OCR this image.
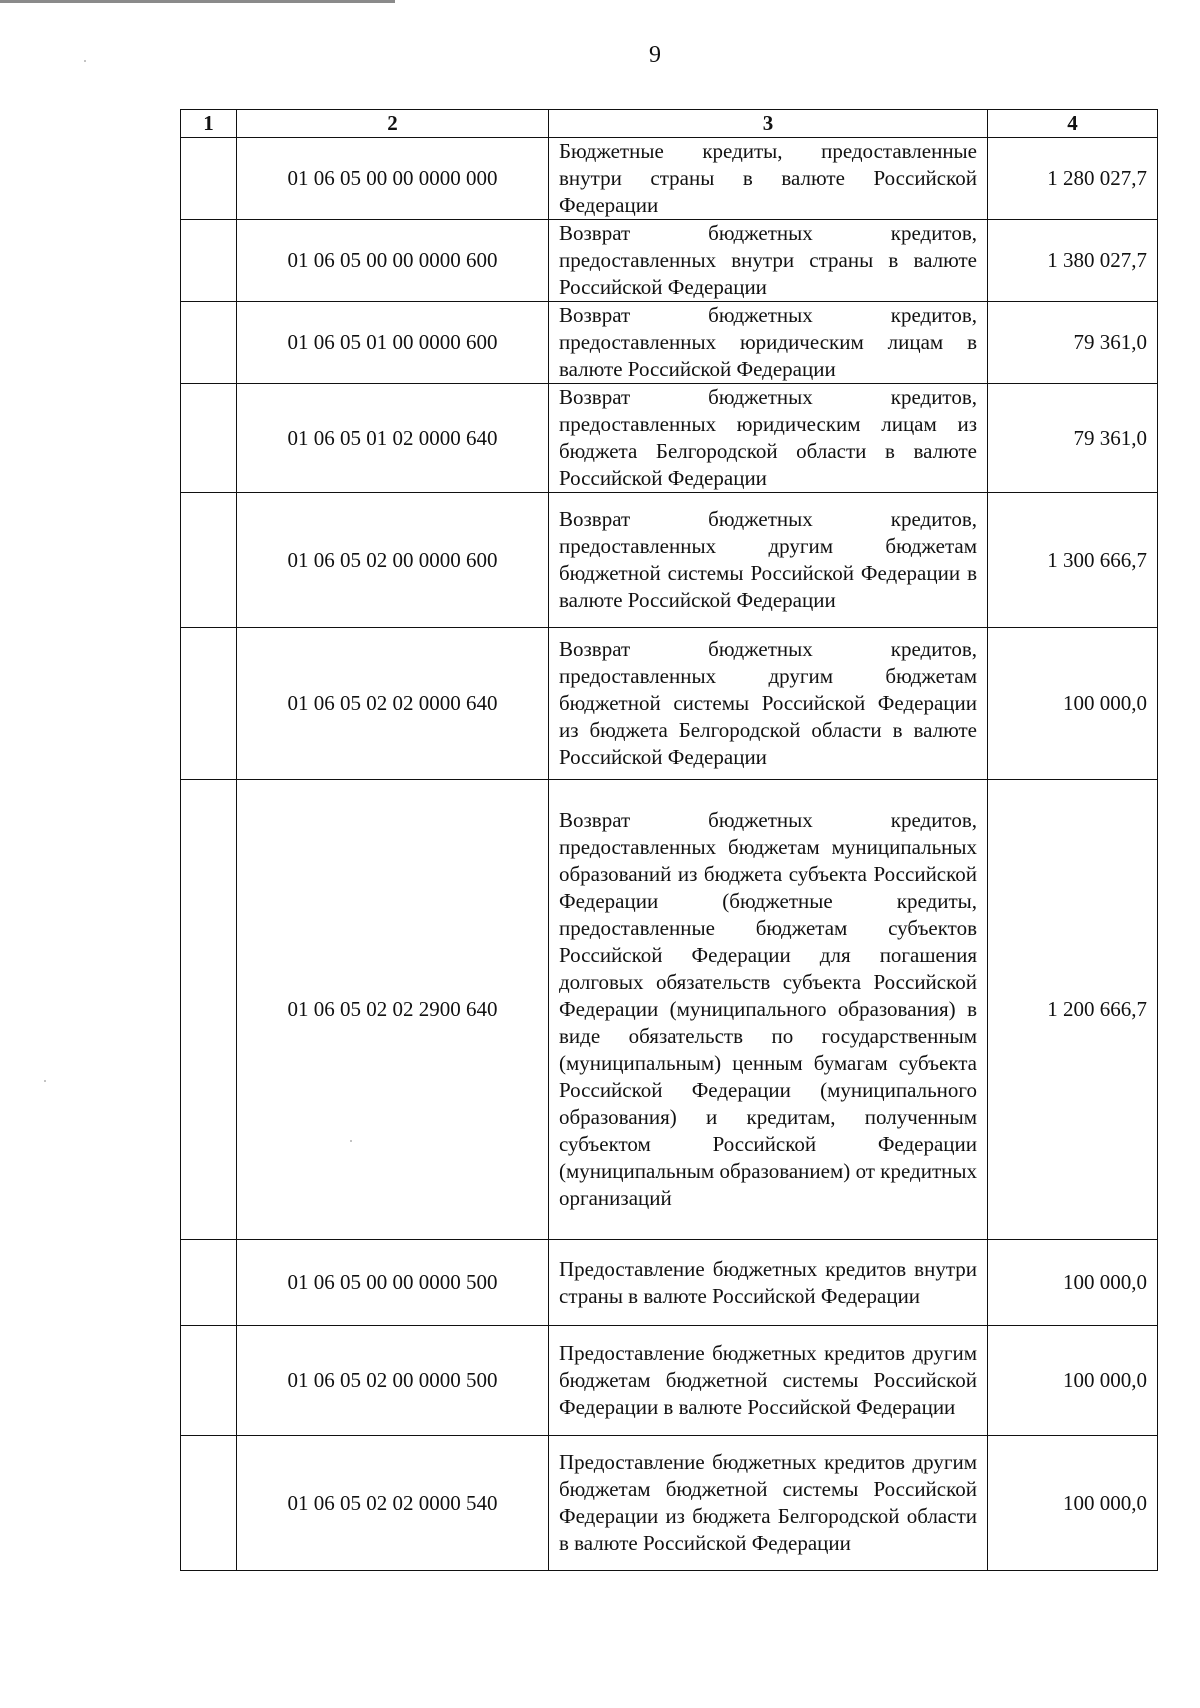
9
1	2	3	4
	01 06 05 00 00 0000 000	Бюджетные кредиты, предоставленные внутри страны в валюте Российской Федерации	1 280 027,7
	01 06 05 00 00 0000 600	Возврат бюджетных кредитов, предоставленных внутри страны в валюте Российской Федерации	1 380 027,7
	01 06 05 01 00 0000 600	Возврат бюджетных кредитов, предоставленных юридическим лицам в валюте Российской Федерации	79 361,0
	01 06 05 01 02 0000 640	Возврат бюджетных кредитов, предоставленных юридическим лицам из бюджета Белгородской области в валюте Российской Федерации	79 361,0
	01 06 05 02 00 0000 600	Возврат бюджетных кредитов, предоставленных другим бюджетам бюджетной системы Российской Федерации в валюте Российской Федерации	1 300 666,7
	01 06 05 02 02 0000 640	Возврат бюджетных кредитов, предоставленных другим бюджетам бюджетной системы Российской Федерации из бюджета Белгородской области в валюте Российской Федерации	100 000,0
	01 06 05 02 02 2900 640	Возврат бюджетных кредитов, предоставленных бюджетам муниципальных образований из бюджета субъекта Российской Федерации (бюджетные кредиты, предоставленные бюджетам субъектов Российской Федерации для погашения долговых обязательств субъекта Российской Федерации (муниципального образования) в виде обязательств по государственным (муниципальным) ценным бумагам субъекта Российской Федерации (муниципального образования) и кредитам, полученным субъектом Российской Федерации (муниципальным образованием) от кредитных организаций	1 200 666,7
	01 06 05 00 00 0000 500	Предоставление бюджетных кредитов внутри страны в валюте Российской Федерации	100 000,0
	01 06 05 02 00 0000 500	Предоставление бюджетных кредитов другим бюджетам бюджетной системы Российской Федерации в валюте Российской Федерации	100 000,0
	01 06 05 02 02 0000 540	Предоставление бюджетных кредитов другим бюджетам бюджетной системы Российской Федерации из бюджета Белгородской области в валюте Российской Федерации	100 000,0
